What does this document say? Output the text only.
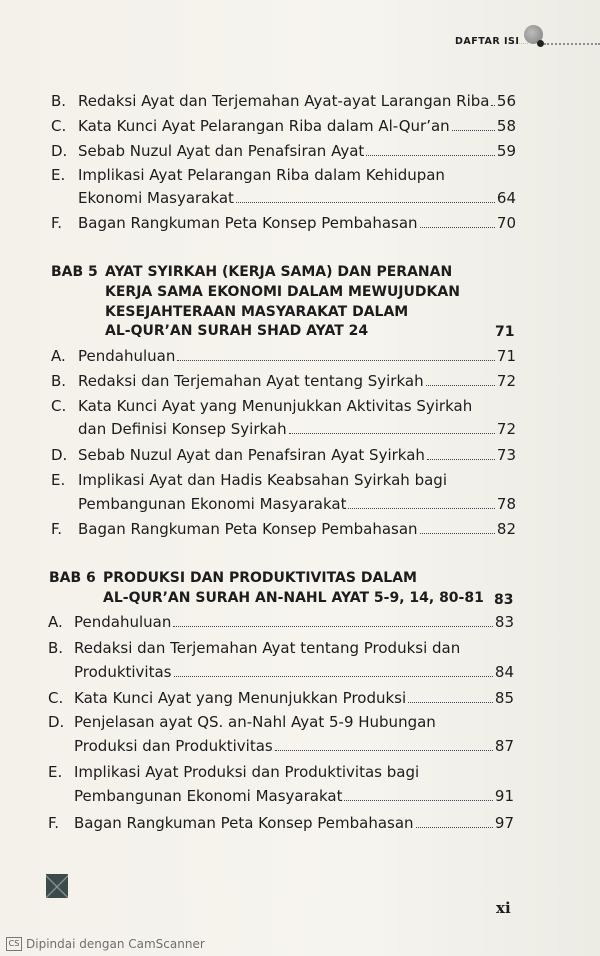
DAFTAR ISI
B. Redaksi Ayat dan Terjemahan Ayat-ayat Larangan Riba 56
C. Kata Kunci Ayat Pelarangan Riba dalam Al-Qur’an	58
D. Sebab Nuzul Ayat dan Penafsiran Ayat	59
E. Implikasi Ayat Pelarangan Riba dalam Kehidupan
Ekonomi Masyarakat	64
F. Bagan Rangkuman Peta Konsep Pembahasan	70
BAB 5 AYAT SYIRKAH (KERJA SAMA) DAN PERANAN
KERJA SAMA EKONOMI DALAM MEWUJUDKAN
KESEJAHTERAAN MASYARAKAT DALAM
AL-QUR’AN SURAH SHAD AYAT 24	71
A. Pendahuluan	71
B. Redaksi dan Terjemahan Ayat tentang Syirkah	72
C. Kata Kunci Ayat yang Menunjukkan Aktivitas Syirkah
dan Definisi Konsep Syirkah	72
D. Sebab Nuzul Ayat dan Penafsiran Ayat Syirkah	73
E. Implikasi Ayat dan Hadis Keabsahan Syirkah bagi
Pembangunan Ekonomi Masyarakat	78
F. Bagan Rangkuman Peta Konsep Pembahasan	82
BAB 6 PRODUKSI DAN PRODUKTIVITAS DALAM
AL-QUR’AN SURAH AN-NAHL AYAT 5-9, 14, 80-81 83
A. Pendahuluan	83
B. Redaksi dan Terjemahan Ayat tentang Produksi dan
Produktivitas	84
C. Kata Kunci Ayat yang Menunjukkan Produksi	85
D. Penjelasan ayat QS. an-Nahl Ayat 5-9 Hubungan
Produksi dan Produktivitas	87
E. Implikasi Ayat Produksi dan Produktivitas bagi
Pembangunan Ekonomi Masyarakat	91
F. Bagan Rangkuman Peta Konsep Pembahasan	97
xi
CS Dipindai dengan CamScanner
